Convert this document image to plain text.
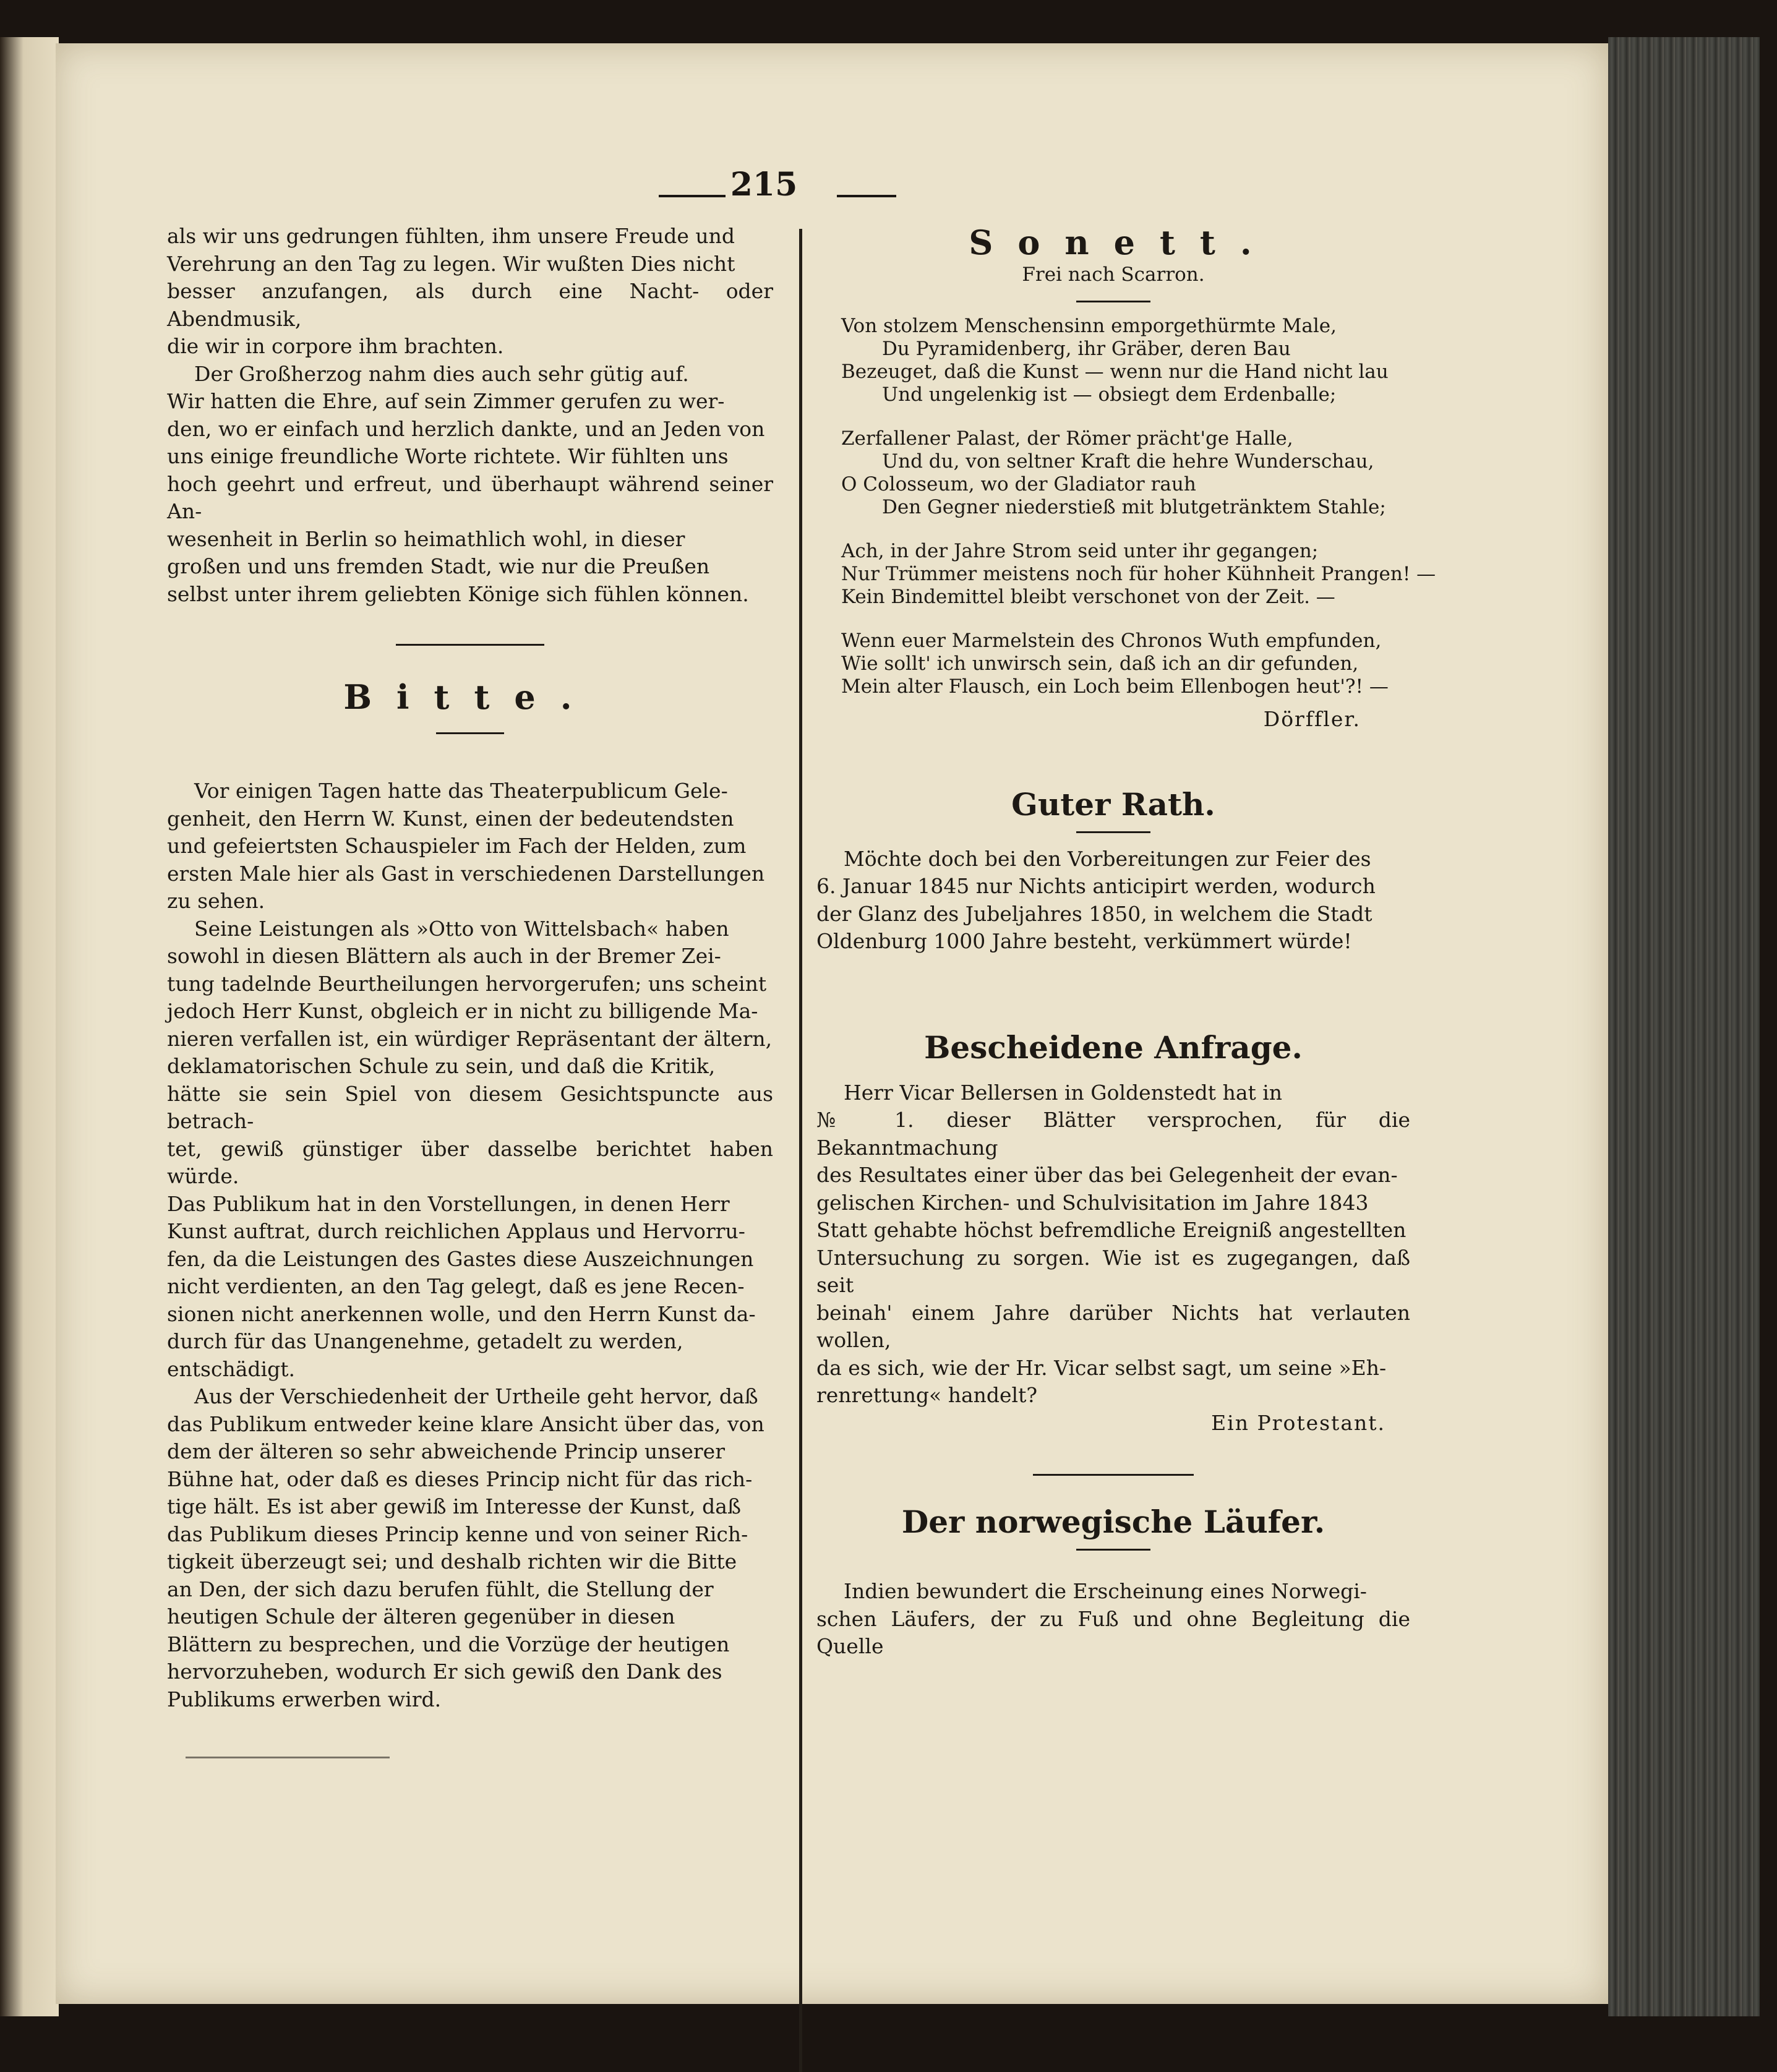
215

als wir uns gedrungen fühlten, ihm unsere Freude und

Verehrung an den Tag zu legen. Wir wußten Dies nicht

besser anzufangen, als durch eine Nacht- oder Abendmusik,

die wir in corpore ihm brachten.

Der Großherzog nahm dies auch sehr gütig auf.

Wir hatten die Ehre, auf sein Zimmer gerufen zu wer-

den, wo er einfach und herzlich dankte, und an Jeden von

uns einige freundliche Worte richtete. Wir fühlten uns

hoch geehrt und erfreut, und überhaupt während seiner An-

wesenheit in Berlin so heimathlich wohl, in dieser

großen und uns fremden Stadt, wie nur die Preußen

selbst unter ihrem geliebten Könige sich fühlen können.

Bitte.

Vor einigen Tagen hatte das Theaterpublicum Gele-

genheit, den Herrn W. Kunst, einen der bedeutendsten

und gefeiertsten Schauspieler im Fach der Helden, zum

ersten Male hier als Gast in verschiedenen Darstellungen

zu sehen.

Seine Leistungen als »Otto von Wittelsbach« haben

sowohl in diesen Blättern als auch in der Bremer Zei-

tung tadelnde Beurtheilungen hervorgerufen; uns scheint

jedoch Herr Kunst, obgleich er in nicht zu billigende Ma-

nieren verfallen ist, ein würdiger Repräsentant der ältern,

deklamatorischen Schule zu sein, und daß die Kritik,

hätte sie sein Spiel von diesem Gesichtspuncte aus betrach-

tet, gewiß günstiger über dasselbe berichtet haben würde.

Das Publikum hat in den Vorstellungen, in denen Herr

Kunst auftrat, durch reichlichen Applaus und Hervorru-

fen, da die Leistungen des Gastes diese Auszeichnungen

nicht verdienten, an den Tag gelegt, daß es jene Recen-

sionen nicht anerkennen wolle, und den Herrn Kunst da-

durch für das Unangenehme, getadelt zu werden, entschädigt.

Aus der Verschiedenheit der Urtheile geht hervor, daß

das Publikum entweder keine klare Ansicht über das, von

dem der älteren so sehr abweichende Princip unserer

Bühne hat, oder daß es dieses Princip nicht für das rich-

tige hält. Es ist aber gewiß im Interesse der Kunst, daß

das Publikum dieses Princip kenne und von seiner Rich-

tigkeit überzeugt sei; und deshalb richten wir die Bitte

an Den, der sich dazu berufen fühlt, die Stellung der

heutigen Schule der älteren gegenüber in diesen

Blättern zu besprechen, und die Vorzüge der heutigen

hervorzuheben, wodurch Er sich gewiß den Dank des

Publikums erwerben wird.

Sonett.

Frei nach Scarron.

Von stolzem Menschensinn emporgethürmte Male,

Du Pyramidenberg, ihr Gräber, deren Bau

Bezeuget, daß die Kunst — wenn nur die Hand nicht lau

Und ungelenkig ist — obsiegt dem Erdenballe;

Zerfallener Palast, der Römer prächt'ge Halle,

Und du, von seltner Kraft die hehre Wunderschau,

O Colosseum, wo der Gladiator rauh

Den Gegner niederstieß mit blutgetränktem Stahle;

Ach, in der Jahre Strom seid unter ihr gegangen;

Nur Trümmer meistens noch für hoher Kühnheit Prangen! —

Kein Bindemittel bleibt verschonet von der Zeit. —

Wenn euer Marmelstein des Chronos Wuth empfunden,

Wie sollt' ich unwirsch sein, daß ich an dir gefunden,

Mein alter Flausch, ein Loch beim Ellenbogen heut'?! —

Dörffler.

Guter Rath.

Möchte doch bei den Vorbereitungen zur Feier des

6. Januar 1845 nur Nichts anticipirt werden, wodurch

der Glanz des Jubeljahres 1850, in welchem die Stadt

Oldenburg 1000 Jahre besteht, verkümmert würde!

Bescheidene Anfrage.

Herr Vicar Bellersen in Goldenstedt hat in

№ 1. dieser Blätter versprochen, für die Bekanntmachung

des Resultates einer über das bei Gelegenheit der evan-

gelischen Kirchen- und Schulvisitation im Jahre 1843

Statt gehabte höchst befremdliche Ereigniß angestellten

Untersuchung zu sorgen. Wie ist es zugegangen, daß seit

beinah' einem Jahre darüber Nichts hat verlauten wollen,

da es sich, wie der Hr. Vicar selbst sagt, um seine »Eh-

renrettung« handelt?

Ein Protestant.

Der norwegische Läufer.

Indien bewundert die Erscheinung eines Norwegi-

schen Läufers, der zu Fuß und ohne Begleitung die Quelle
